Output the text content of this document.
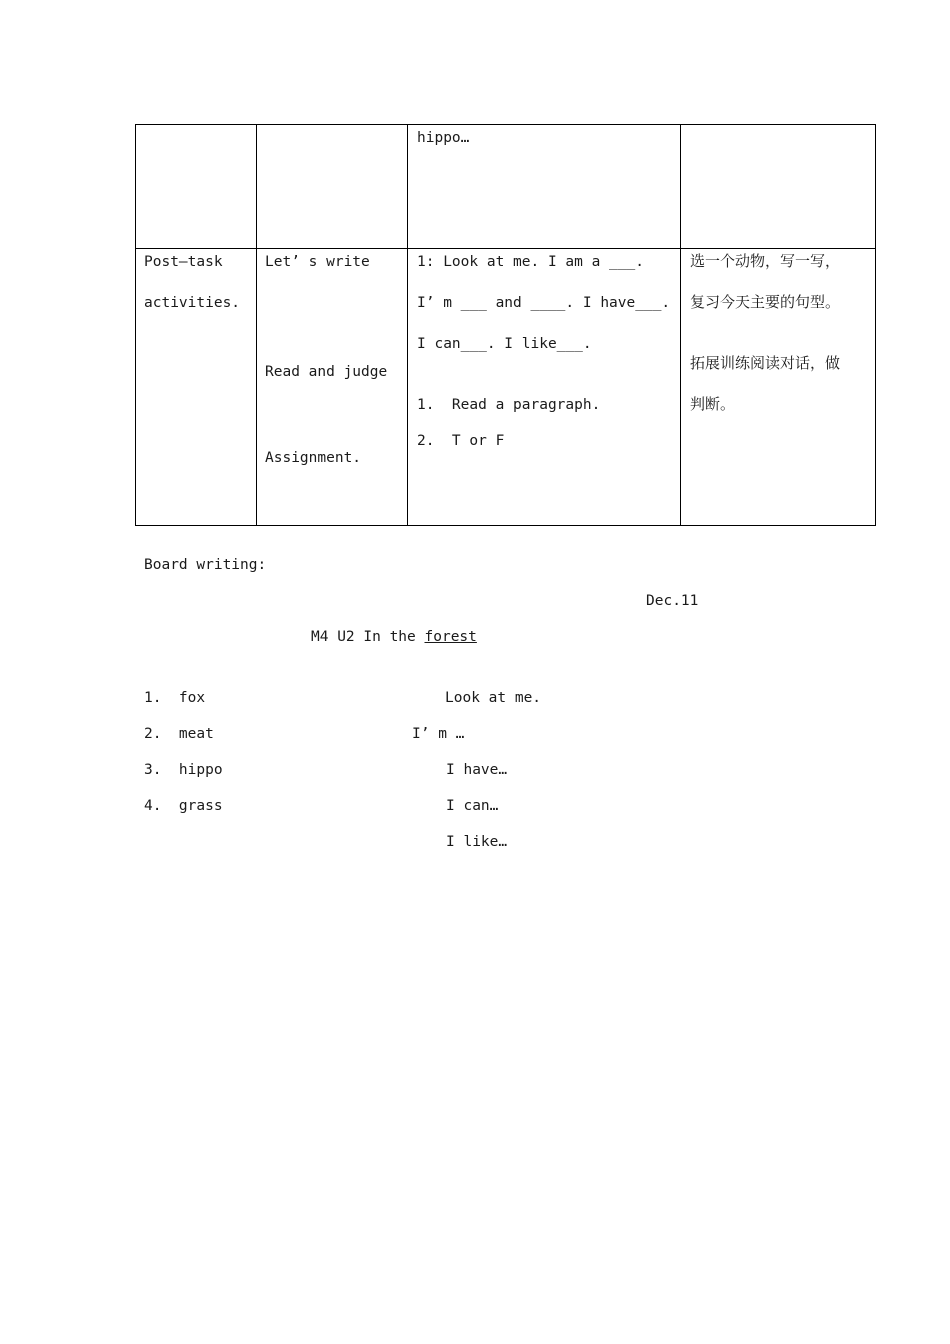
hippo…
Post—task
activities.
Let’ s write
Read and judge
Assignment.
1: Look at me. I am a ___.
I’ m ___ and ____. I have___.
I can___. I like___.
1.  Read a paragraph.
2.  T or F
选一个动物，写一写，
复习今天主要的句型。
拓展训练阅读对话，做
判断。
Board writing:
Dec.11
M4 U2 In the forest
1.  fox
2.  meat
3.  hippo
4.  grass
Look at me.
I’ m …
I have…
I can…
I like…
